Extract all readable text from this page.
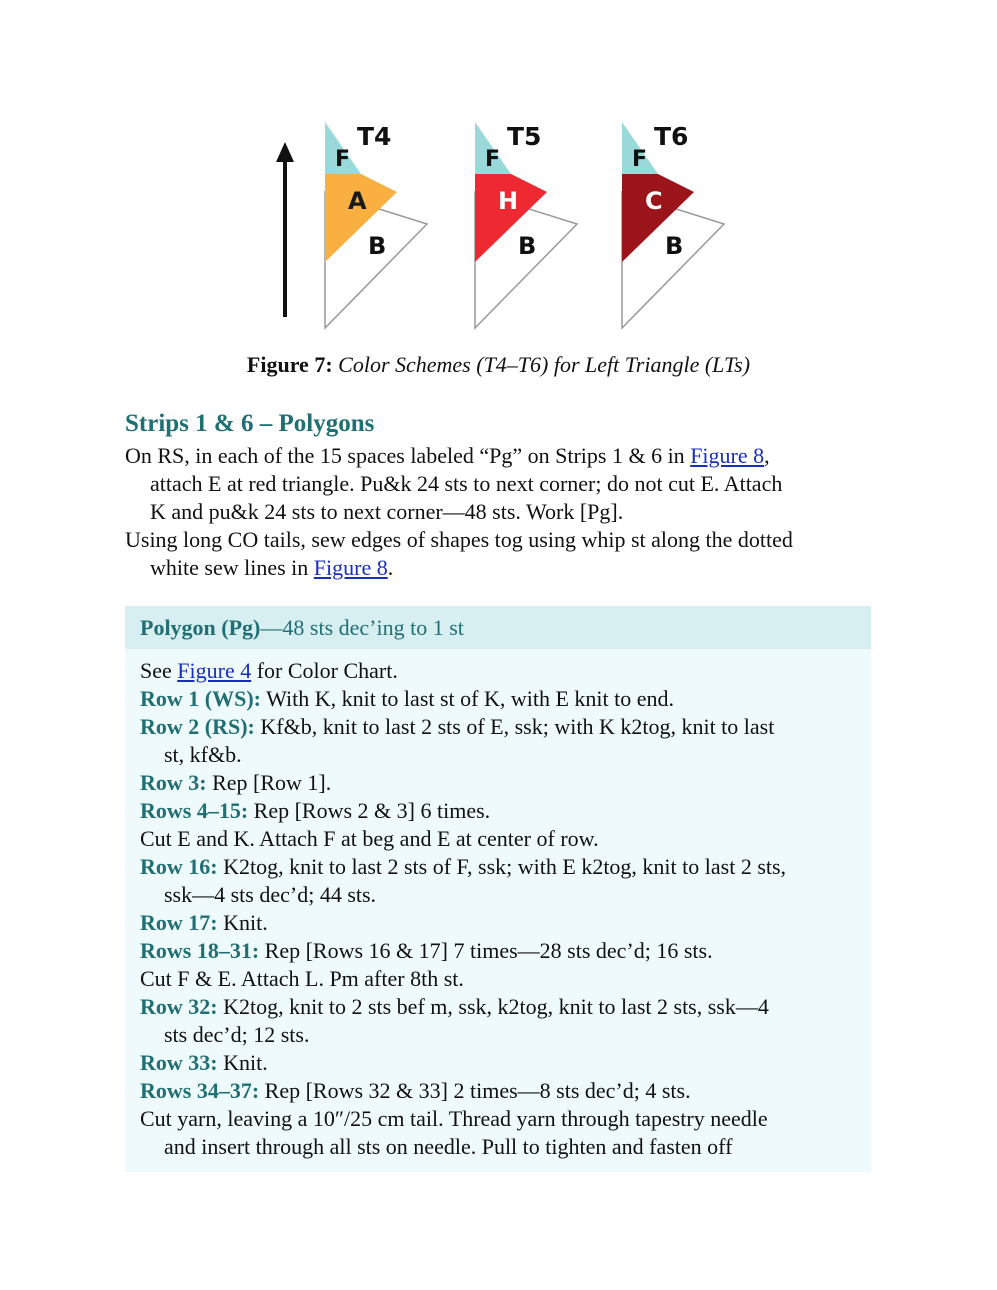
T4
F
A
B
T5
F
H
B
T6
F
C
B
Figure 7: Color Schemes (T4–T6) for Left Triangle (LTs)
Strips 1 & 6 – Polygons
On RS, in each of the 15 spaces labeled “Pg” on Strips 1 & 6 in Figure 8,
attach E at red triangle. Pu&k 24 sts to next corner; do not cut E. Attach
K and pu&k 24 sts to next corner—48 sts. Work [Pg].
Using long CO tails, sew edges of shapes tog using whip st along the dotted
white sew lines in Figure 8.
Polygon (Pg)—48 sts dec’ing to 1 st
See Figure 4 for Color Chart.
Row 1 (WS): With K, knit to last st of K, with E knit to end.
Row 2 (RS): Kf&b, knit to last 2 sts of E, ssk; with K k2tog, knit to last
st, kf&b.
Row 3: Rep [Row 1].
Rows 4–15: Rep [Rows 2 & 3] 6 times.
Cut E and K. Attach F at beg and E at center of row.
Row 16: K2tog, knit to last 2 sts of F, ssk; with E k2tog, knit to last 2 sts,
ssk—4 sts dec’d; 44 sts.
Row 17: Knit.
Rows 18–31: Rep [Rows 16 & 17] 7 times—28 sts dec’d; 16 sts.
Cut F & E. Attach L. Pm after 8th st.
Row 32: K2tog, knit to 2 sts bef m, ssk, k2tog, knit to last 2 sts, ssk—4
sts dec’d; 12 sts.
Row 33: Knit.
Rows 34–37: Rep [Rows 32 & 33] 2 times—8 sts dec’d; 4 sts.
Cut yarn, leaving a 10″/25 cm tail. Thread yarn through tapestry needle
and insert through all sts on needle. Pull to tighten and fasten off
